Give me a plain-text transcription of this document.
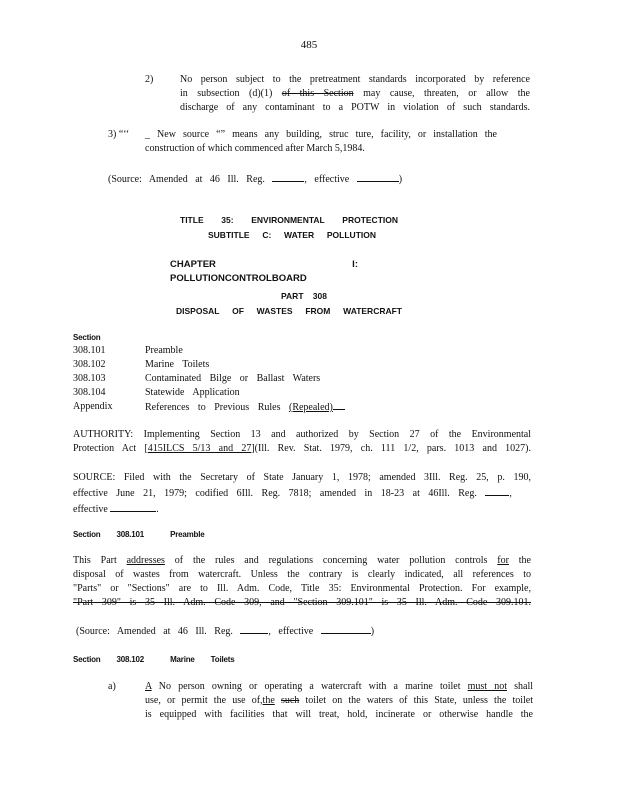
485
2)	No person subject to the pretreatment standards incorporated by reference
in subsection (d)(1) of this Section may cause, threaten, or allow the
discharge of any contaminant to a POTW in violation of such standards.
3) “‘‘ _ New source “” means any building, struc ture, facility, or installation the
construction of which commenced after March 5,1984.
(Source: Amended at 46 Ill. Reg.	, effective	)
TITLE 35: ENVIRONMENTAL PROTECTION
SUBTITLE C: WATER POLLUTION
CHAPTER I: POLLUTIONCONTROLBOARD
PART 308
DISPOSAL OF WASTES FROM WATERCRAFT
Section
308.101	Preamble
308.102	Marine Toilets
308.103	Contaminated Bilge or Ballast Waters
308.104	Statewide Application
Appendix	References to Previous Rules (Repealed)
AUTHORITY: Implementing Section 13 and authorized by Section 27 of the Environmental
Protection Act [415ILCS 5/13 and 27](Ill. Rev. Stat. 1979, ch. 111 1/2, pars. 1013 and 1027).
SOURCE: Filed with the Secretary of State January 1, 1978; amended 3Ill. Reg. 25, p. 190,
effective June 21, 1979; codified 6Ill. Reg. 7818; amended in 18-23 at 46Ill. Reg.	,
effective	.
Section 308.101	Preamble
This Part addresses of the rules and regulations concerning water pollution controls for the
disposal of wastes from watercraft. Unless the contrary is clearly indicated, all references to
"Parts" or "Sections" are to Ill. Adm. Code, Title 35: Environmental Protection. For example,
"Part 309" is 35 Ill. Adm. Code 309, and "Section 309.101" is 35 Ill. Adm. Code 309.101.
(Source: Amended at 46 Ill. Reg.	, effective	)
Section 308.102	Marine Toilets
a)	A No person owning or operating a watercraft with a marine toilet must not shall
use, or permit the use of,the such toilet on the waters of this State, unless the toilet
is equipped with facilities that will treat, hold, incinerate or otherwise handle the
